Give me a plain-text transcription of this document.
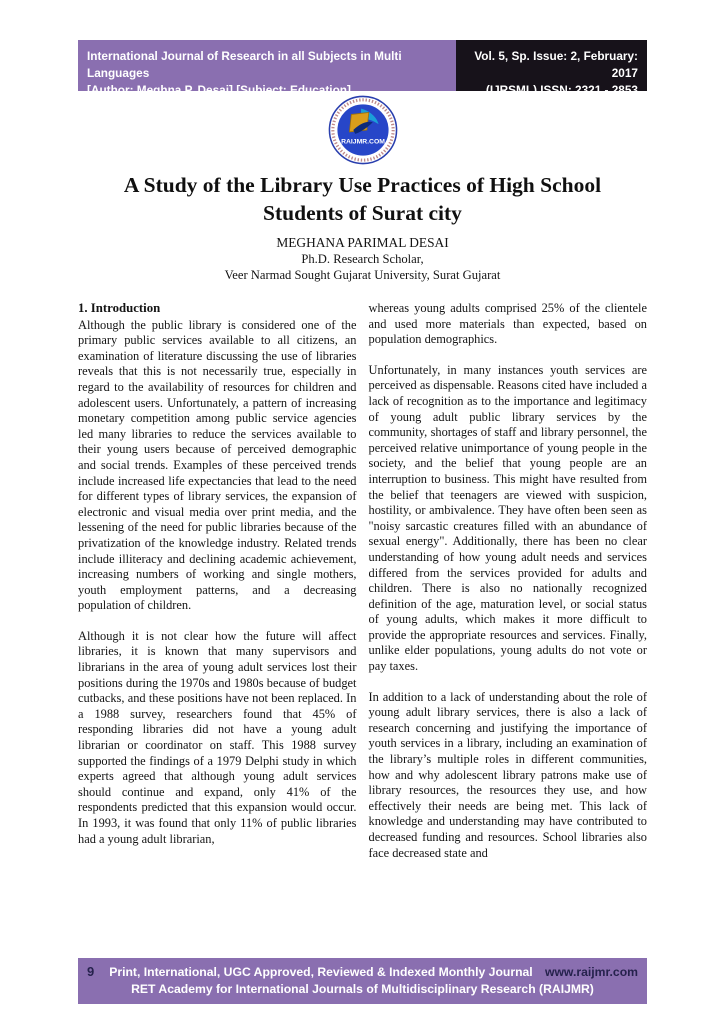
International Journal of Research in all Subjects in Multi Languages
[Author: Meghna P. Desai] [Subject: Education]
Vol. 5, Sp. Issue: 2, February: 2017
(IJRSML) ISSN: 2321 - 2853
RAIJMR.COM
A Study of the Library Use Practices of High School
Students of Surat city
MEGHANA PARIMAL DESAI
Ph.D. Research Scholar,
Veer Narmad Sought Gujarat University, Surat Gujarat
1. Introduction

Although the public library is considered one of the primary public services available to all citizens, an examination of literature discussing the use of libraries reveals that this is not necessarily true, especially in regard to the availability of resources for children and adolescent users. Unfortunately, a pattern of increasing monetary competition among public service agencies led many libraries to reduce the services available to their young users because of perceived demographic and social trends. Examples of these perceived trends include increased life expectancies that lead to the need for different types of library services, the expansion of electronic and visual media over print media, and the lessening of the need for public libraries because of the privatization of the knowledge industry. Related trends include illiteracy and declining academic achievement, increasing numbers of working and single mothers, youth employment patterns, and a decreasing population of children.

Although it is not clear how the future will affect libraries, it is known that many supervisors and librarians in the area of young adult services lost their positions during the 1970s and 1980s because of budget cutbacks, and these positions have not been replaced. In a 1988 survey, researchers found that 45% of responding libraries did not have a young adult librarian or coordinator on staff. This 1988 survey supported the findings of a 1979 Delphi study in which experts agreed that although young adult services should continue and expand, only 41% of the respondents predicted that this expansion would occur. In 1993, it was found that only 11% of public libraries had a young adult librarian,

whereas young adults comprised 25% of the clientele and used more materials than expected, based on population demographics.

Unfortunately, in many instances youth services are perceived as dispensable. Reasons cited have included a lack of recognition as to the importance and legitimacy of young adult public library services by the community, shortages of staff and library personnel, the perceived relative unimportance of young people in the society, and the belief that young people are an interruption to business. This might have resulted from the belief that teenagers are viewed with suspicion, hostility, or ambivalence. They have often been seen as "noisy sarcastic creatures filled with an abundance of sexual energy". Additionally, there has been no clear understanding of how young adult needs and services differed from the services provided for adults and children. There is also no nationally recognized definition of the age, maturation level, or social status of young adults, which makes it more difficult to provide the appropriate resources and services. Finally, unlike elder populations, young adults do not vote or pay taxes.

In addition to a lack of understanding about the role of young adult library services, there is also a lack of research concerning and justifying the importance of youth services in a library, including an examination of the library’s multiple roles in different communities, how and why adolescent library patrons make use of library resources, the resources they use, and how effectively their needs are being met. This lack of knowledge and understanding may have contributed to decreased funding and resources. School libraries also face decreased state and

9 Print, International, UGC Approved, Reviewed & Indexed Monthly Journal	www.raijmr.com
RET Academy for International Journals of Multidisciplinary Research (RAIJMR)
